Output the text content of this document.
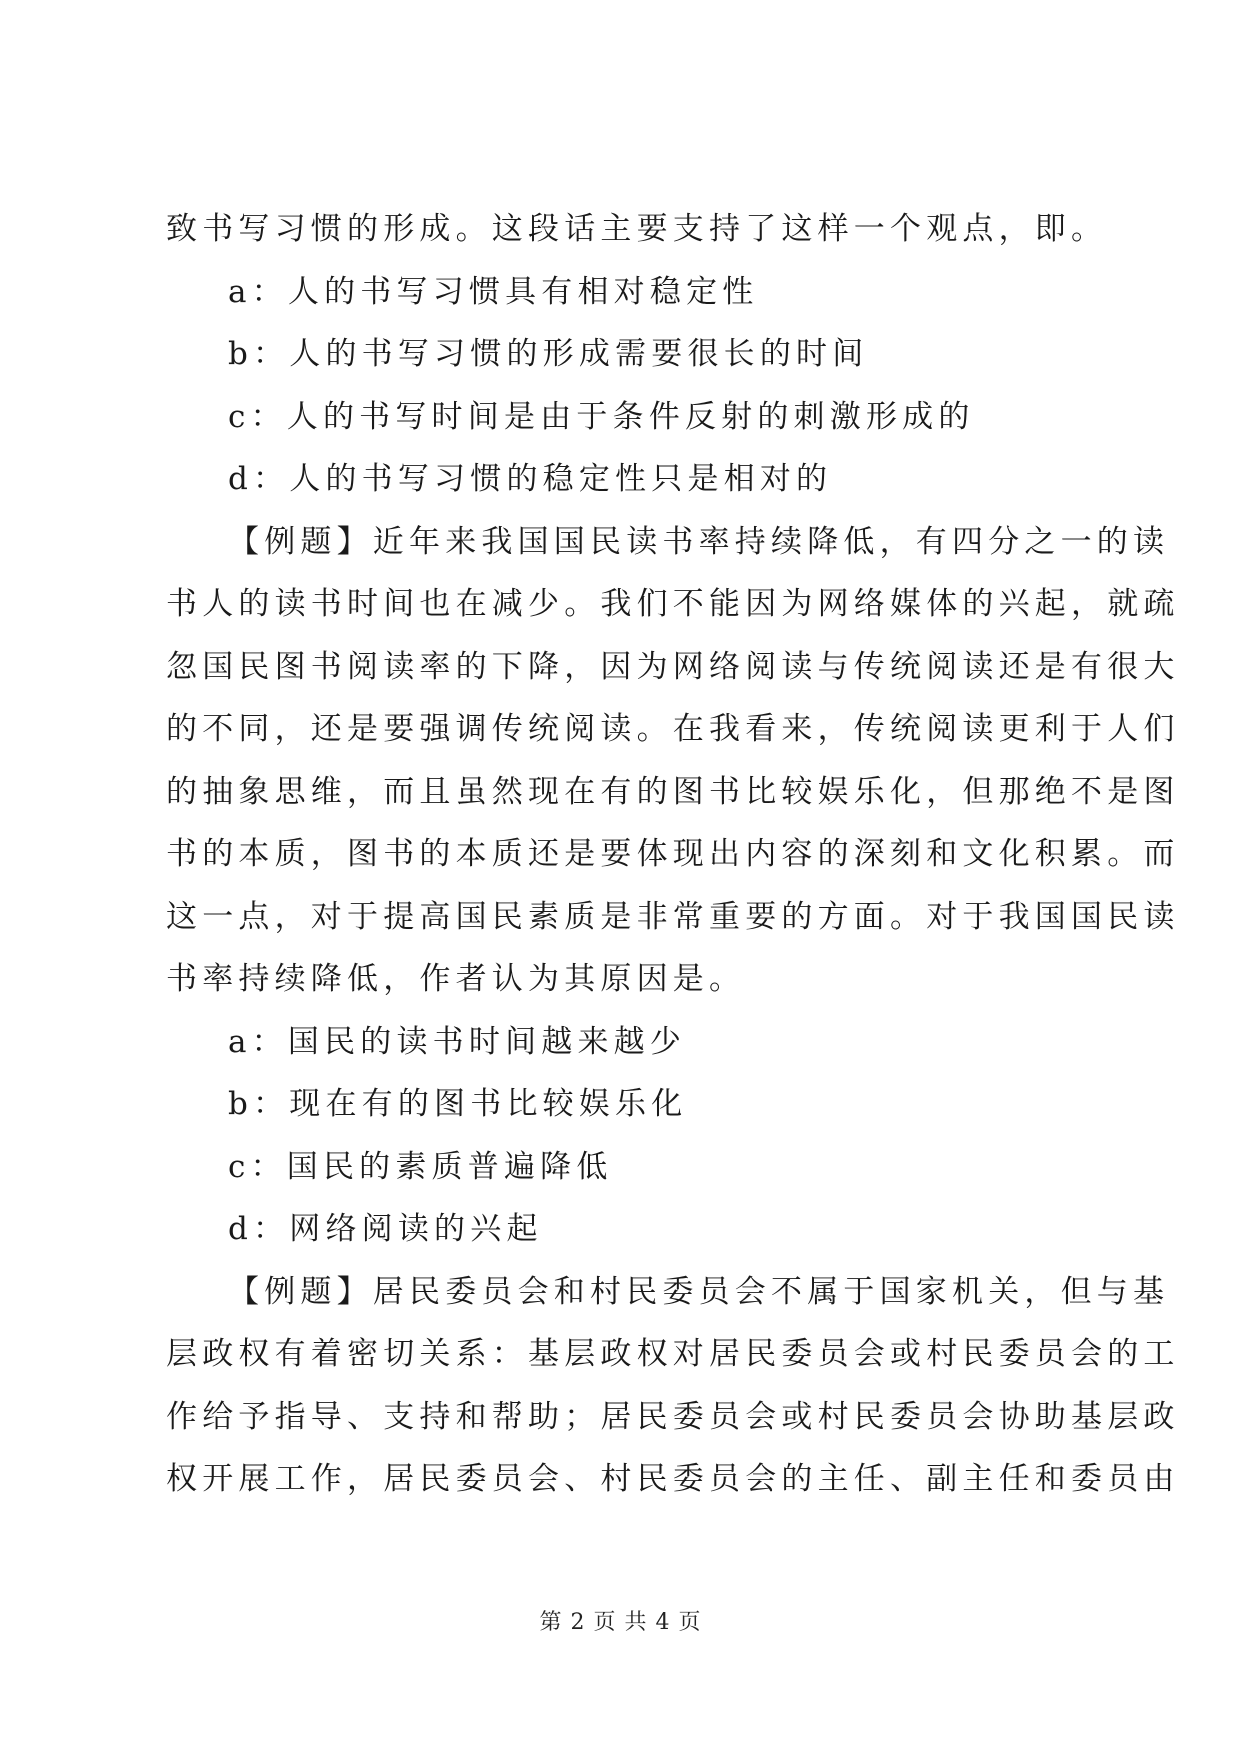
致书写习惯的形成。这段话主要支持了这样一个观点，即。
a：人的书写习惯具有相对稳定性
b：人的书写习惯的形成需要很长的时间
c：人的书写时间是由于条件反射的刺激形成的
d：人的书写习惯的稳定性只是相对的
【例题】近年来我国国民读书率持续降低，有四分之一的读
书人的读书时间也在减少。我们不能因为网络媒体的兴起，就疏
忽国民图书阅读率的下降，因为网络阅读与传统阅读还是有很大
的不同，还是要强调传统阅读。在我看来，传统阅读更利于人们
的抽象思维，而且虽然现在有的图书比较娱乐化，但那绝不是图
书的本质，图书的本质还是要体现出内容的深刻和文化积累。而
这一点，对于提高国民素质是非常重要的方面。对于我国国民读
书率持续降低，作者认为其原因是。
a：国民的读书时间越来越少
b：现在有的图书比较娱乐化
c：国民的素质普遍降低
d：网络阅读的兴起
【例题】居民委员会和村民委员会不属于国家机关，但与基
层政权有着密切关系：基层政权对居民委员会或村民委员会的工
作给予指导、支持和帮助；居民委员会或村民委员会协助基层政
权开展工作，居民委员会、村民委员会的主任、副主任和委员由
第 2 页 共 4 页
